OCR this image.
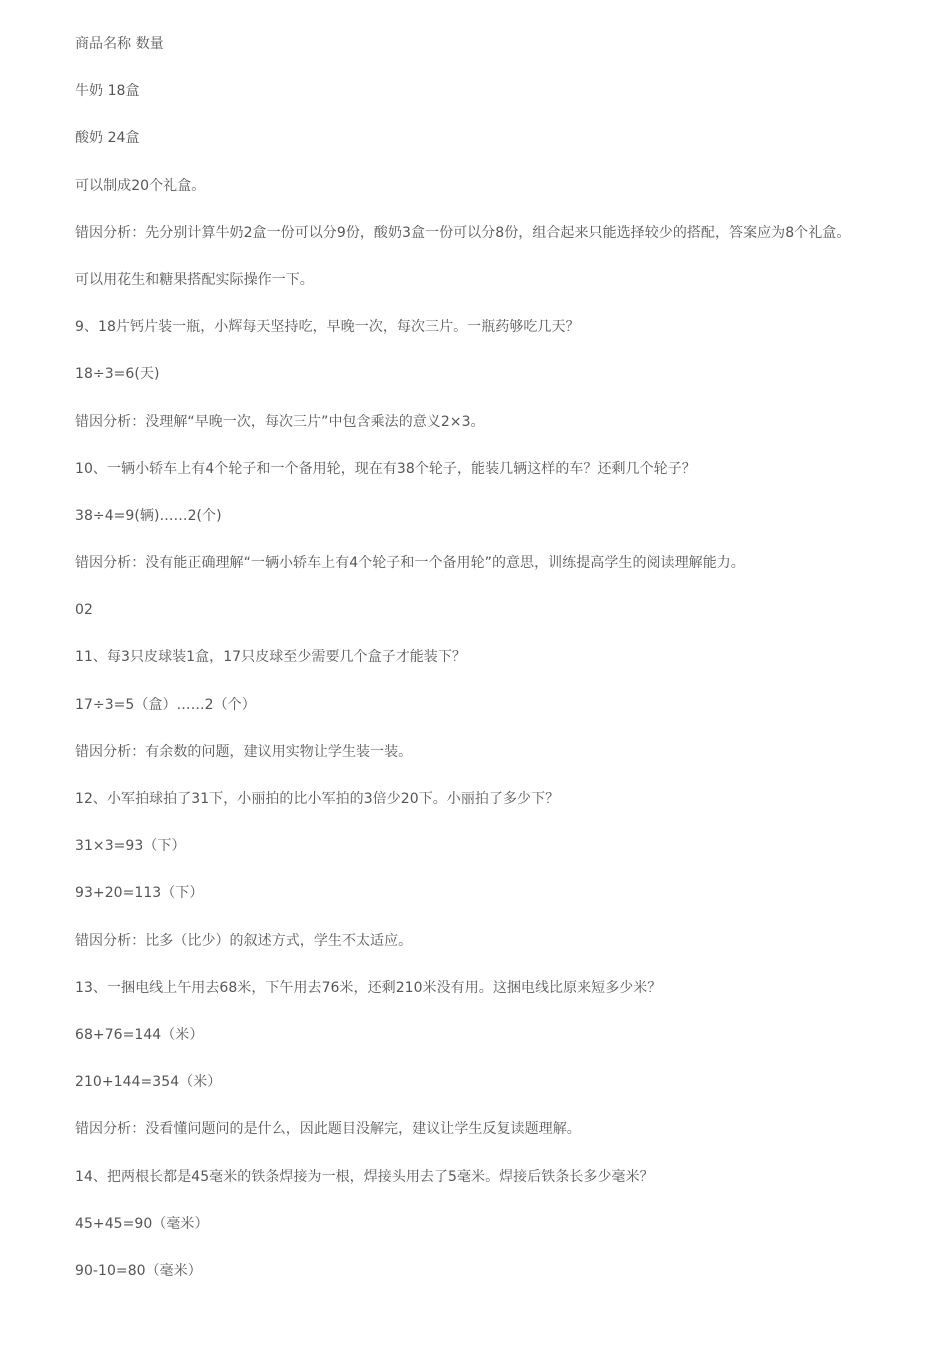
商品名称 数量

牛奶 18盒

酸奶 24盒

可以制成20个礼盒。

错因分析：先分别计算牛奶2盒一份可以分9份，酸奶3盒一份可以分8份，组合起来只能选择较少的搭配，答案应为8个礼盒。

可以用花生和糖果搭配实际操作一下。

9、18片钙片装一瓶，小辉每天坚持吃，早晚一次，每次三片。一瓶药够吃几天？

18÷3=6(天)

错因分析：没理解“早晚一次，每次三片”中包含乘法的意义2×3。

10、一辆小轿车上有4个轮子和一个备用轮，现在有38个轮子，能装几辆这样的车？还剩几个轮子？

38÷4=9(辆)……2(个)

错因分析：没有能正确理解“一辆小轿车上有4个轮子和一个备用轮”的意思，训练提高学生的阅读理解能力。

02

11、每3只皮球装1盒，17只皮球至少需要几个盒子才能装下？

17÷3=5（盒）……2（个）

错因分析：有余数的问题，建议用实物让学生装一装。

12、小军拍球拍了31下，小丽拍的比小军拍的3倍少20下。小丽拍了多少下？

31×3=93（下）

93+20=113（下）

错因分析：比多（比少）的叙述方式，学生不太适应。

13、一捆电线上午用去68米，下午用去76米，还剩210米没有用。这捆电线比原来短多少米？

68+76=144（米）

210+144=354（米）

错因分析：没看懂问题问的是什么，因此题目没解完，建议让学生反复读题理解。

14、把两根长都是45毫米的铁条焊接为一根，焊接头用去了5毫米。焊接后铁条长多少毫米？

45+45=90（毫米）

90-10=80（毫米）
